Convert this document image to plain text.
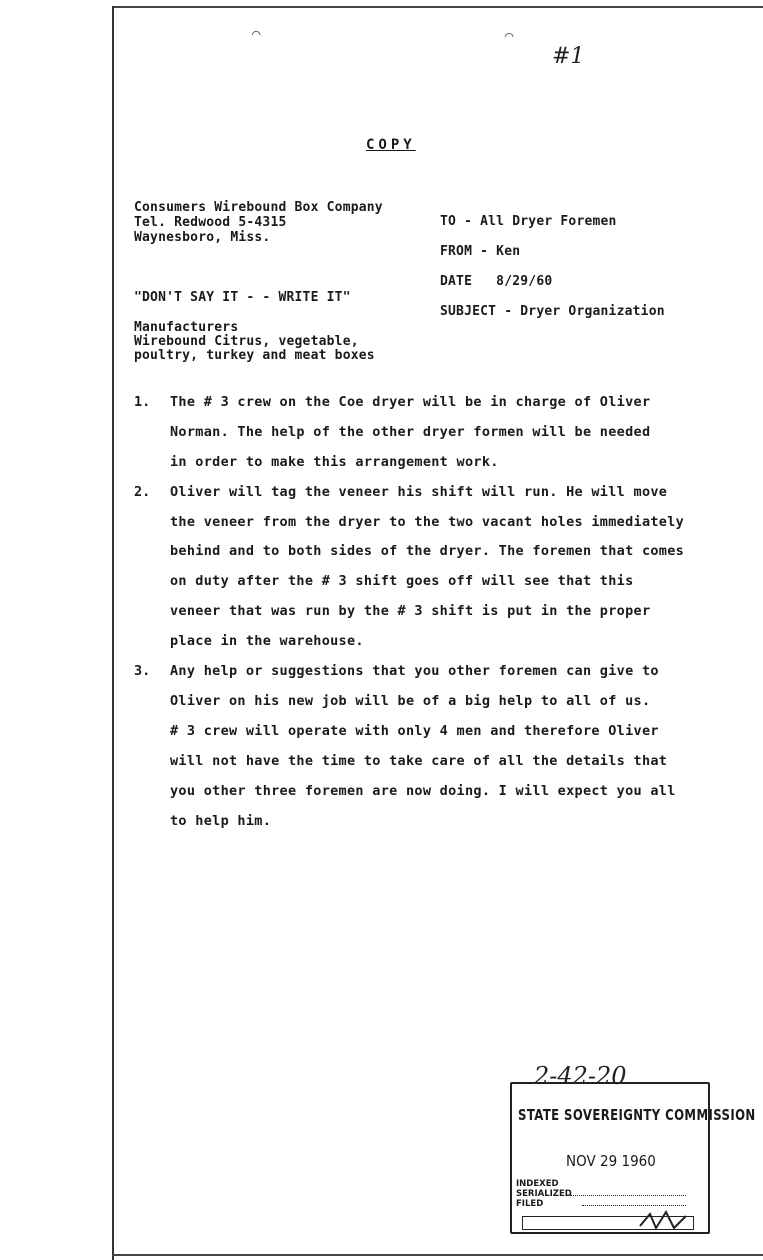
⌒	⌒
#1
COPY
Consumers Wirebound Box Company
Tel. Redwood 5-4315
Waynesboro, Miss.
"DON'T SAY IT - - WRITE IT"
Manufacturers
Wirebound Citrus, vegetable,
poultry, turkey and meat boxes
TO - All Dryer Foremen
FROM - Ken
DATE   8/29/60
SUBJECT - Dryer Organization
1. The # 3 crew on the Coe dryer will be in charge of Oliver
Norman. The help of the other dryer formen will be needed
in order to make this arrangement work.
2. Oliver will tag the veneer his shift will run. He will move
the veneer from the dryer to the two vacant holes immediately
behind and to both sides of the dryer. The foremen that comes
on duty after the # 3 shift goes off will see that this
veneer that was run by the # 3 shift is put in the proper
place in the warehouse.
3. Any help or suggestions that you other foremen can give to
Oliver on his new job will be of a big help to all of us.
# 3 crew will operate with only 4 men and therefore Oliver
will not have the time to take care of all the details that
you other three foremen are now doing. I will expect you all
to help him.
2-42-20
STATE SOVEREIGNTY COMMISSION
NOV 29 1960
INDEXED
SERIALIZED
FILED
